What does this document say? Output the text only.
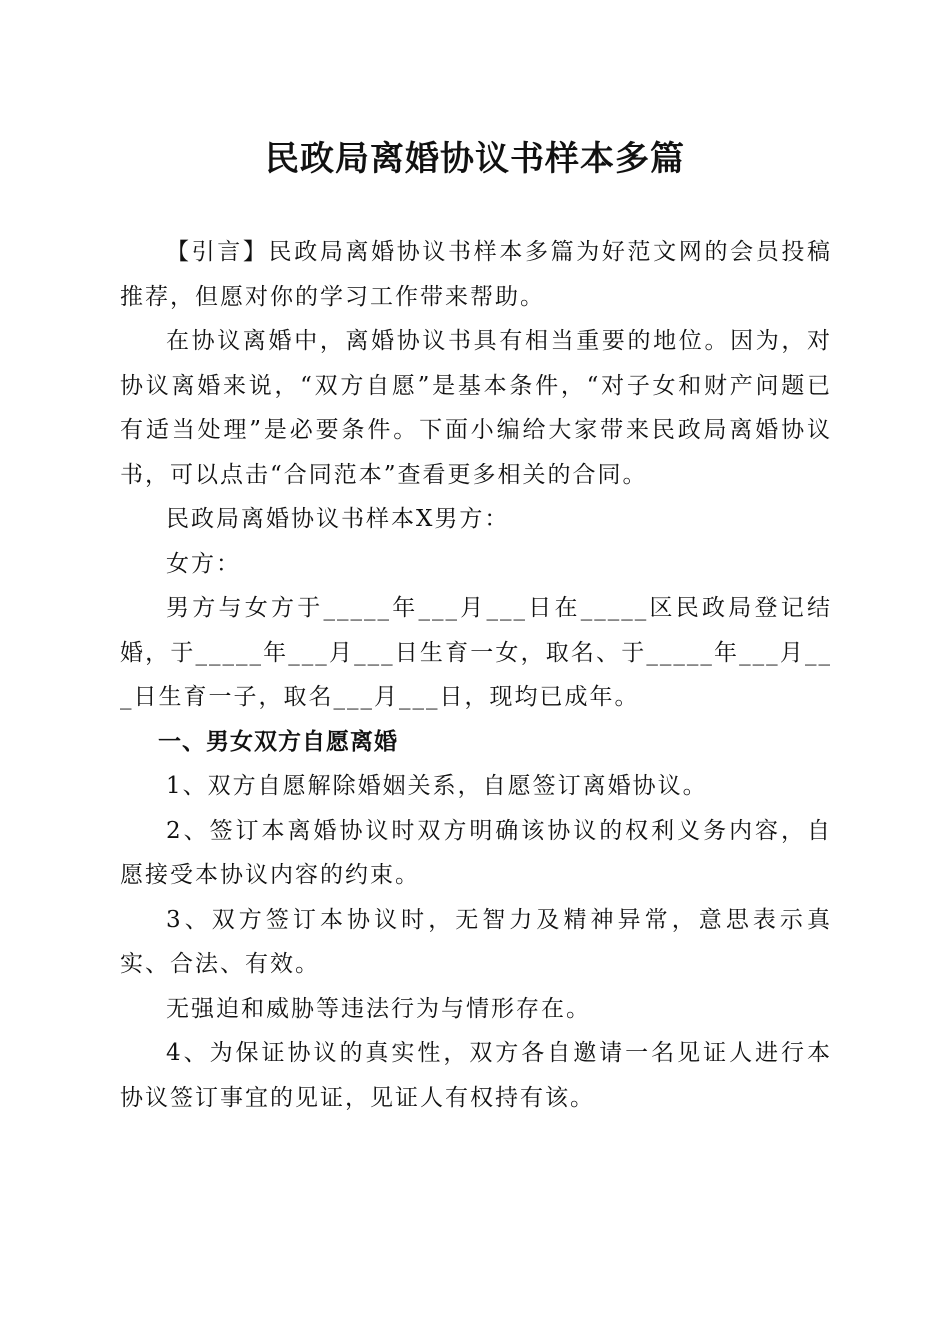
民政局离婚协议书样本多篇

【引言】民政局离婚协议书样本多篇为好范文网的会员投稿推荐，但愿对你的学习工作带来帮助。

在协议离婚中，离婚协议书具有相当重要的地位。因为，对协议离婚来说，“双方自愿”是基本条件，“对子女和财产问题已有适当处理”是必要条件。下面小编给大家带来民政局离婚协议书，可以点击“合同范本”查看更多相关的合同。

民政局离婚协议书样本X男方：

女方：

男方与女方于_____年___月___日在_____区民政局登记结婚，于_____年___月___日生育一女，取名、于_____年___月___日生育一子，取名___月___日，现均已成年。

一、男女双方自愿离婚

1、双方自愿解除婚姻关系，自愿签订离婚协议。

2、签订本离婚协议时双方明确该协议的权利义务内容，自愿接受本协议内容的约束。

3、双方签订本协议时，无智力及精神异常，意思表示真实、合法、有效。

无强迫和威胁等违法行为与情形存在。

4、为保证协议的真实性，双方各自邀请一名见证人进行本协议签订事宜的见证，见证人有权持有该。
